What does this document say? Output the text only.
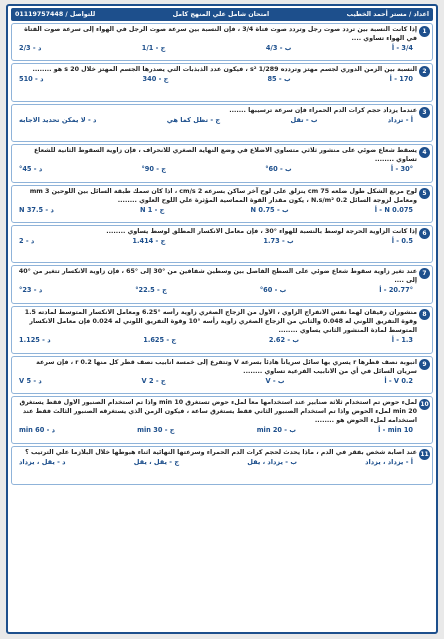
اعداد / مستر أحمد الخطيب
امتحان شامل علي المنهج كامل
للتواصل / 01119757448
1
إذا كانت النسبة بين تردد صوت رجل وتردد صوت فتاة 3/4 ، فإن النسبة بين سرعة صوت الرجل في الهواء إلى سرعة صوت الفتاة في الهواء تساوي ....
3/4 - أ
ب - 4/3
ج - 1/1
د - 2/3
2
النسبة بين الزمن الدوري لجسم مهتز وتردده 1/289 s² ، فيكون عدد الذبذبات التي يصدرها الجسم المهتز خلال s 20 هو ........
170 - أ
ب - 85
ج - 340
د - 510
3
عندما يزداد حجم كرات الدم الحمراء فإن سرعة ترسيبها .......
أ - تزداد
ب - تقل
ج - تظل كما هي
د - لا يمكن تحديد الاجابه
4
يسقط شعاع ضوئي على منشور ثلاثي متساوي الاضلاع في وضع النهاية الصغري للانحراف ، فإن زاوية السقوط الثانية للشعاع تساوي ........
30° - أ
ب - 60°
ج - 90°
د - 45°
5
لوح مربع الشكل طول ضلعه cm 75 ينزلق على لوح آخر ساكن بسرعه cm/s 2 ، اذا كان سمك طبقة السائل بين اللوحين mm 3 ومعامل لزوجة السائل N.s/m² 0.2 ، يكون مقدار القوة المماسية المؤثرة علي اللوح العلوي ........
0.075 N - أ
ب - 0.75 N
ج - 1 N
د - 37.5 N
6
إذا كانت الزاوية الحرجة لوسط بالنسبة للهواء °30 ، فإن معامل الانكسار المطلق لوسط يساوي ........
0.5 - أ
ب - 1.73
ج - 1.414
د - 2
7
عند تغير زاوية سقوط شعاع ضوئي على السطح الفاصل بين وسطين شفافين من °30 إلى °65 ، فإن زاوية الانكسار تتغير من °40 إلى ....
20.77° - أ
ب - 60°
ج - 22.5°
د - 23°
8
منشوران رقيقان لهما نفس الانفراج الزاوي ، الاول من الزجاج الصغري زاوية رأسه °6.25 ومعامل الانكسار المتوسط لمادته 1.5 وقوة التفريق اللوني له 0.048 والثاني من الزجاج الصغري زاوية رأسه °10 وقوة التفريق اللوني له 0.024 فإن معامل الانكسار المتوسط لمادة المنشور الثاني يساوي ........
1.3 - أ
ب - 2.62
ج - 1.625
د - 1.125
9
انبوبة نصف قطرها r يسري بها سائل سرياناً هادئاً بسرعة V وتتفرع إلى خمسة انابيب نصف قطر كل منها 0.2 r ، فإن سرعة سريان السائل في أي من الانابيب الفرعية تساوي ........
0.2 V - أ
ب - V
ج - 2 V
د - 5 V
10
لملء حوض تم استخدام ثلاثة صنابير عند استخدامها معاً لملء حوض تستغرق min 10 واذا تم استخدام الصنبور الاول فقط يستغرق min 20 لملء الحوض واذا تم استخدام الصنبور الثاني فقط يستغرق ساعة ، فيكون الزمن الذي يستغرقه الصنبور الثالث فقط عند استخدامه لملء الحوض هو ........
10 min - أ
ب - 20 min
ج - 30 min
د - 60 min
11
عند اصابة شخص بفقر في الدم ، ماذا يحدث لحجم كرات الدم الحمراء وسرعتها النهائية اثناء هبوطها خلال البلازما علي الترتيب ؟
أ - يزداد ، يزداد
ب - يزداد ، يقل
ج - يقل ، يقل
د - يقل ، يزداد
